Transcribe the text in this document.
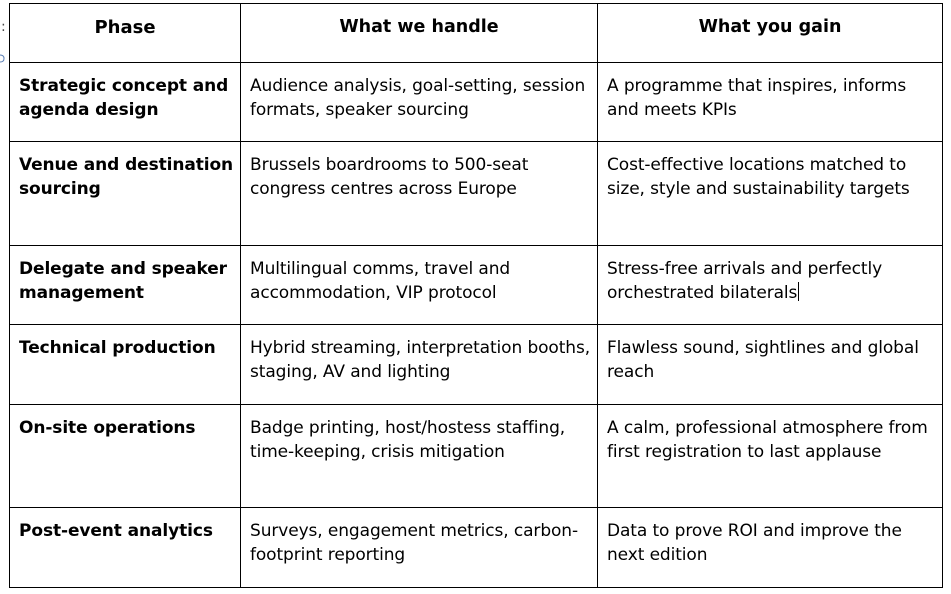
:	Phase	What we handle	What you gain

Strategic concept and agenda design	Audience analysis, goal-setting, session formats, speaker sourcing	A programme that inspires, informs and meets KPIs

Venue and destination sourcing	Brussels boardrooms to 500-seat congress centres across Europe	Cost-effective locations matched to size, style and sustainability targets

Delegate and speaker management	Multilingual comms, travel and accommodation, VIP protocol	Stress-free arrivals and perfectly orchestrated bilaterals

Technical production	Hybrid streaming, interpretation booths, staging, AV and lighting	Flawless sound, sightlines and global reach

On-site operations	Badge printing, host/hostess staffing, time-keeping, crisis mitigation	A calm, professional atmosphere from first registration to last applause

Post-event analytics	Surveys, engagement metrics, carbon-footprint reporting	Data to prove ROI and improve the next edition
